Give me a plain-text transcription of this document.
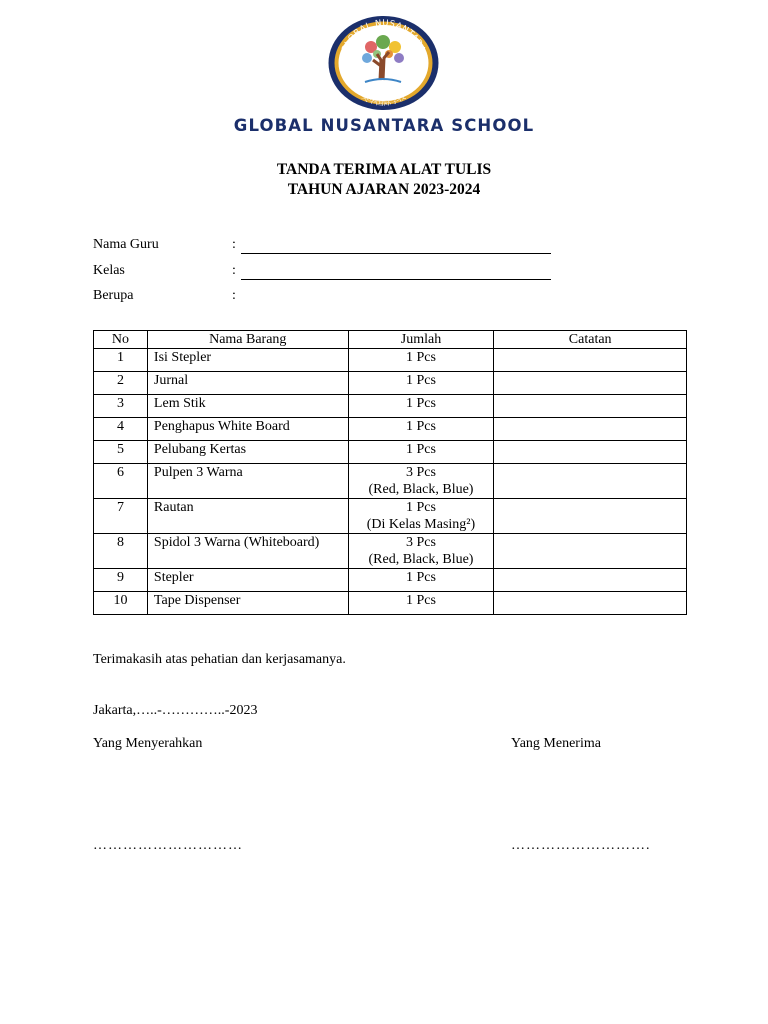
GLOBAL NUSANTARA
英华国际学校
GLOBAL NUSANTARA SCHOOL
TANDA TERIMA ALAT TULIS
TAHUN AJARAN 2023-2024
Nama Guru	:
Kelas	:
Berupa	:
No	Nama Barang	Jumlah	Catatan
1	Isi Stepler	1 Pcs	

2	Jurnal	1 Pcs	

3	Lem Stik	1 Pcs	

4	Penghapus White Board	1 Pcs	

5	Pelubang Kertas	1 Pcs	

6	Pulpen 3 Warna	3 Pcs
(Red, Black, Blue)	

7	Rautan	1 Pcs
(Di Kelas Masing²)	

8	Spidol 3 Warna (Whiteboard)	3 Pcs
(Red, Black, Blue)	

9	Stepler	1 Pcs	

10	Tape Dispenser	1 Pcs	

Terimakasih atas pehatian dan kerjasamanya.
Jakarta,…..-…………..-2023
Yang Menyerahkan	Yang Menerima
…………………………	……………………….
